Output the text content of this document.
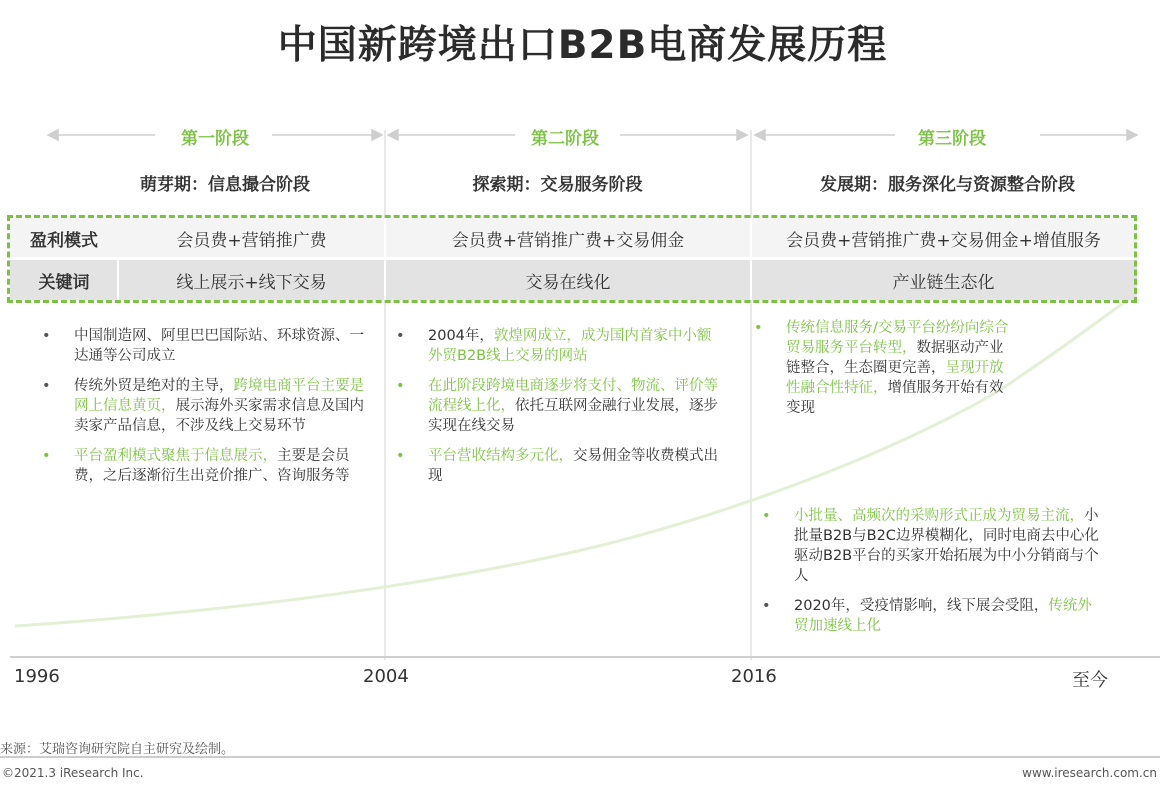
中国新跨境出口B2B电商发展历程
第一阶段	第二阶段	第三阶段
萌芽期：信息撮合阶段	探索期：交易服务阶段	发展期：服务深化与资源整合阶段
盈利模式	会员费+营销推广费	会员费+营销推广费+交易佣金	会员费+营销推广费+交易佣金+增值服务
关键词	线上展示+线下交易	交易在线化	产业链生态化
• 中国制造网、阿里巴巴国际站、环球资源、一达通等公司成立
• 传统外贸是绝对的主导，跨境电商平台主要是网上信息黄页，展示海外买家需求信息及国内卖家产品信息，不涉及线上交易环节
• 平台盈利模式聚焦于信息展示，主要是会员费，之后逐渐衍生出竞价推广、咨询服务等
• 2004年，敦煌网成立，成为国内首家中小额外贸B2B线上交易的网站
• 在此阶段跨境电商逐步将支付、物流、评价等流程线上化，依托互联网金融行业发展，逐步实现在线交易
• 平台营收结构多元化，交易佣金等收费模式出现
• 传统信息服务/交易平台纷纷向综合贸易服务平台转型，数据驱动产业链整合，生态圈更完善，呈现开放性融合性特征，增值服务开始有效变现
• 小批量、高频次的采购形式正成为贸易主流，小批量B2B与B2C边界模糊化，同时电商去中心化驱动B2B平台的买家开始拓展为中小分销商与个人
• 2020年，受疫情影响，线下展会受阻，传统外贸加速线上化
1996	2004	2016	至今
来源：艾瑞咨询研究院自主研究及绘制。
©2021.3 iResearch Inc.	www.iresearch.com.cn
